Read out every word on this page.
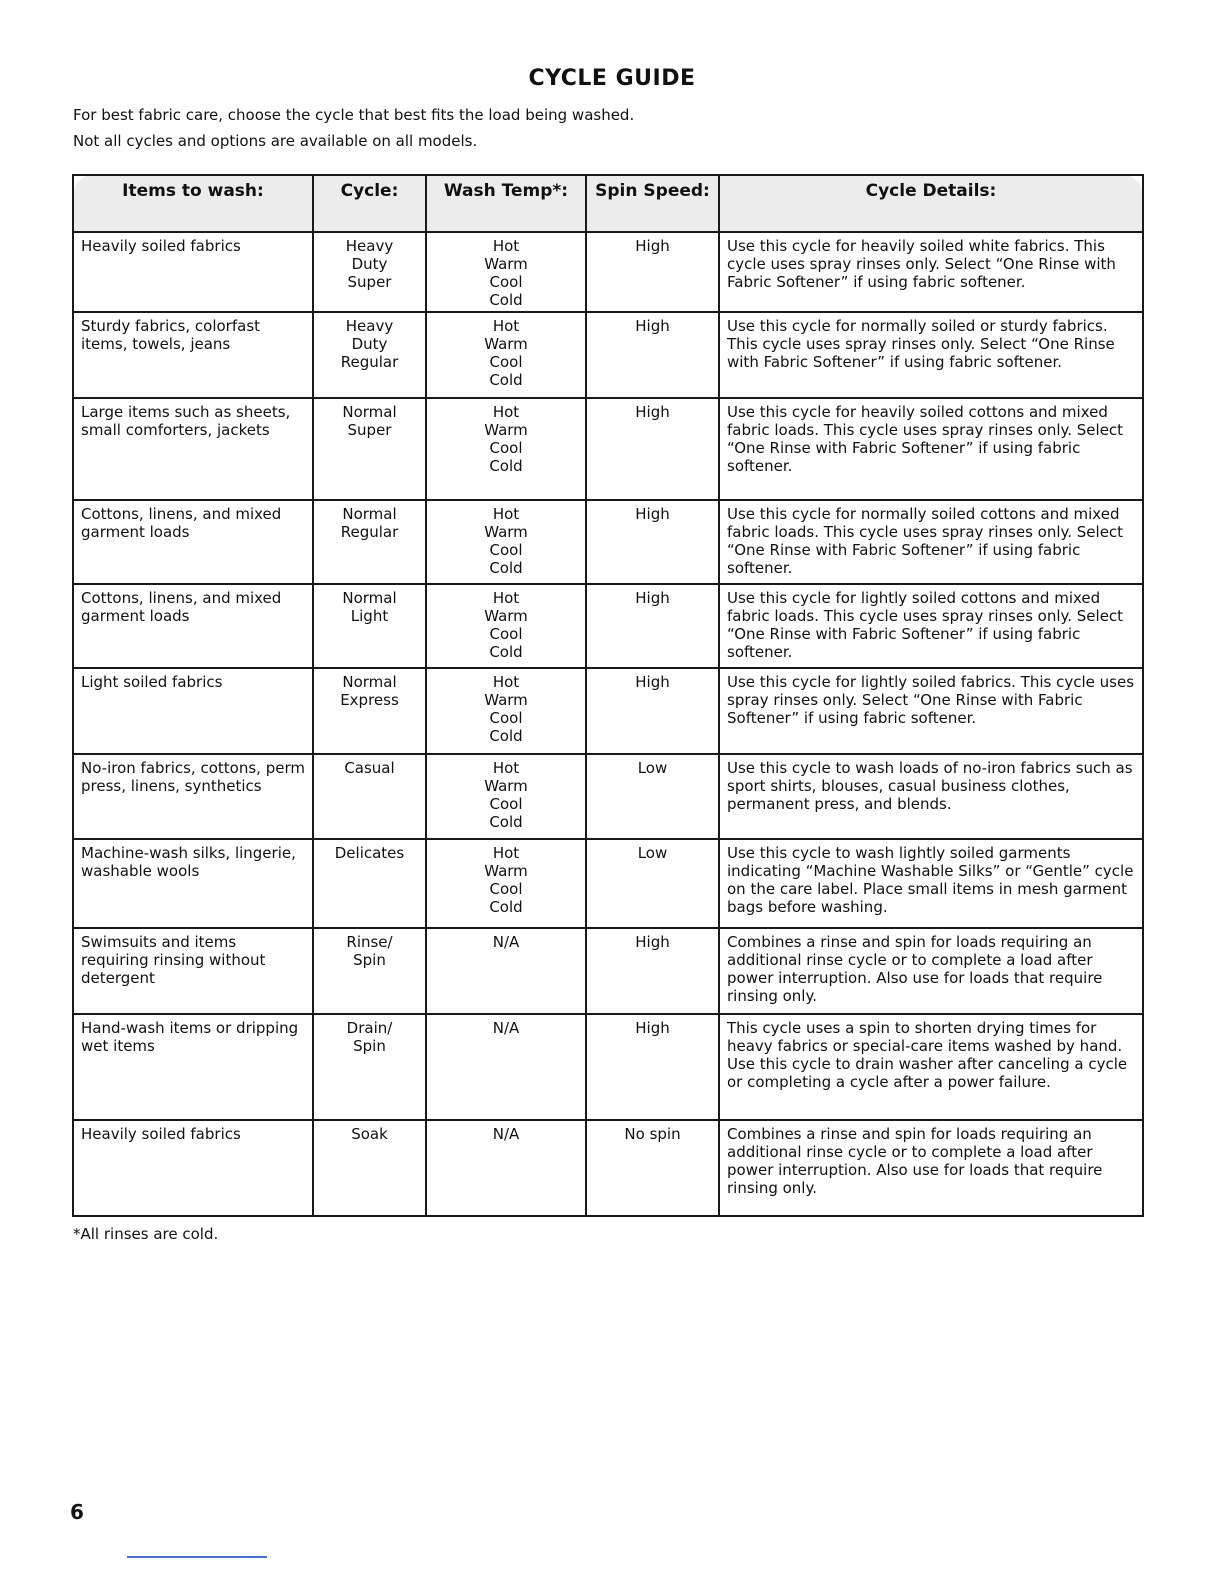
CYCLE GUIDE
For best fabric care, choose the cycle that best fits the load being washed.
Not all cycles and options are available on all models.
Items to wash:	Cycle:	Wash Temp*:	Spin Speed:	Cycle Details:
Heavily soiled fabrics	Heavy
Duty
Super	Hot
Warm
Cool
Cold	High	Use this cycle for heavily soiled white fabrics. This cycle uses spray rinses only. Select “One Rinse with Fabric Softener” if using fabric softener.
Sturdy fabrics, colorfast items, towels, jeans	Heavy
Duty
Regular	Hot
Warm
Cool
Cold	High	Use this cycle for normally soiled or sturdy fabrics. This cycle uses spray rinses only. Select “One Rinse with Fabric Softener” if using fabric softener.
Large items such as sheets, small comforters, jackets	Normal
Super	Hot
Warm
Cool
Cold	High	Use this cycle for heavily soiled cottons and mixed fabric loads. This cycle uses spray rinses only. Select “One Rinse with Fabric Softener” if using fabric softener.
Cottons, linens, and mixed garment loads	Normal
Regular	Hot
Warm
Cool
Cold	High	Use this cycle for normally soiled cottons and mixed fabric loads. This cycle uses spray rinses only. Select “One Rinse with Fabric Softener” if using fabric softener.
Cottons, linens, and mixed garment loads	Normal
Light	Hot
Warm
Cool
Cold	High	Use this cycle for lightly soiled cottons and mixed fabric loads. This cycle uses spray rinses only. Select “One Rinse with Fabric Softener” if using fabric softener.
Light soiled fabrics	Normal
Express	Hot
Warm
Cool
Cold	High	Use this cycle for lightly soiled fabrics. This cycle uses spray rinses only. Select “One Rinse with Fabric Softener” if using fabric softener.
No-iron fabrics, cottons, perm press, linens, synthetics	Casual	Hot
Warm
Cool
Cold	Low	Use this cycle to wash loads of no-iron fabrics such as sport shirts, blouses, casual business clothes, permanent press, and blends.
Machine-wash silks, lingerie, washable wools	Delicates	Hot
Warm
Cool
Cold	Low	Use this cycle to wash lightly soiled garments indicating “Machine Washable Silks” or “Gentle” cycle on the care label. Place small items in mesh garment bags before washing.
Swimsuits and items requiring rinsing without detergent	Rinse/
Spin	N/A	High	Combines a rinse and spin for loads requiring an additional rinse cycle or to complete a load after power interruption. Also use for loads that require rinsing only.
Hand-wash items or dripping wet items	Drain/
Spin	N/A	High	This cycle uses a spin to shorten drying times for heavy fabrics or special-care items washed by hand. Use this cycle to drain washer after canceling a cycle or completing a cycle after a power failure.
Heavily soiled fabrics	Soak	N/A	No spin	Combines a rinse and spin for loads requiring an additional rinse cycle or to complete a load after power interruption. Also use for loads that require rinsing only.
*All rinses are cold.
6
